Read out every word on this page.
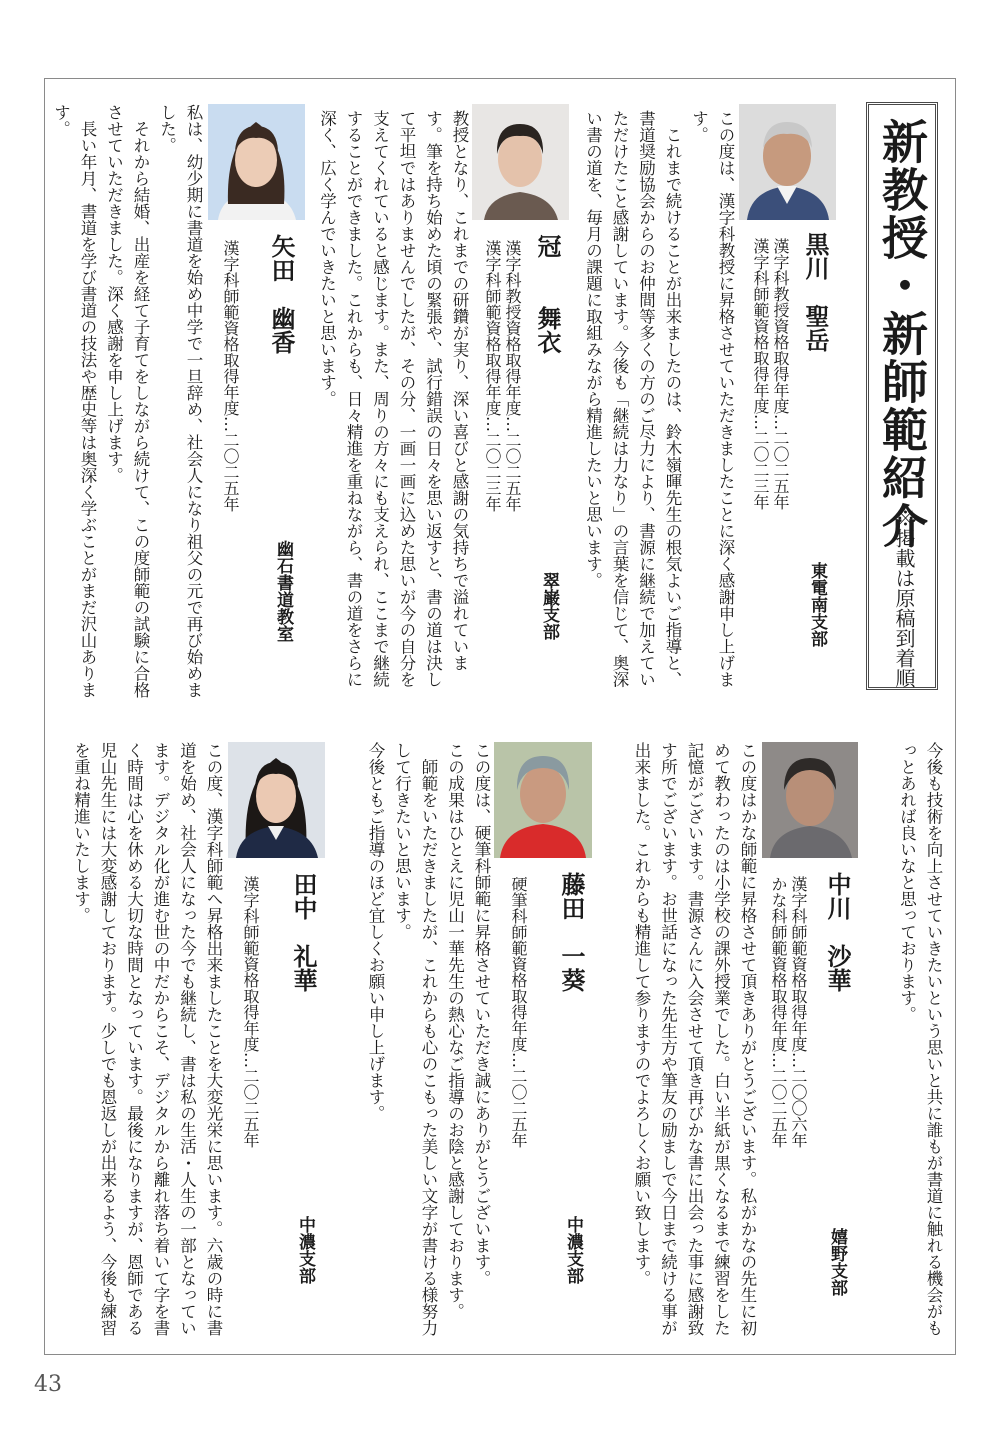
新教授・新師範紹介
※掲載は原稿到着順
黒川　聖岳
漢字科教授資格取得年度…二〇二五年
漢字科師範資格取得年度…二〇二三年
東電南支部
この度は、漢字科教授に昇格させていただきましたことに深く感謝申し上げます。
　これまで続けることが出来ましたのは、鈴木嶺暉先生の根気よいご指導と、書道奨励協会からのお仲間等多くの方のご尽力により、書源に継続で加えていただけたこと感謝しています。今後も「継続は力なり」の言葉を信じて、奥深い書の道を、毎月の課題に取組みながら精進したいと思います。
冠　　舞衣
漢字科教授資格取得年度…二〇二五年
漢字科師範資格取得年度…二〇二三年
翠巌支部
教授となり、これまでの研鑽が実り、深い喜びと感謝の気持ちで溢れています。筆を持ち始めた頃の緊張や、試行錯誤の日々を思い返すと、書の道は決して平坦ではありませんでしたが、その分、一画一画に込めた思いが今の自分を支えてくれていると感じます。また、周りの方々にも支えられ、ここまで継続することができました。これからも、日々精進を重ねながら、書の道をさらに深く、広く学んでいきたいと思います。
矢田　幽香
漢字科師範資格取得年度…二〇二五年
幽石書道教室
私は、幼少期に書道を始め中学で一旦辞め、社会人になり祖父の元で再び始めました。
　それから結婚、出産を経て子育てをしながら続けて、この度師範の試験に合格させていただきました。深く感謝を申し上げます。
　長い年月、書道を学び書道の技法や歴史等は奥深く学ぶことがまだ沢山あります。
中川　沙華
漢字科師範資格取得年度…二〇〇六年
かな科師範資格取得年度…二〇二五年
嬉野支部
この度はかな師範に昇格させて頂きありがとうございます。私がかなの先生に初めて教わったのは小学校の課外授業でした。白い半紙が黒くなるまで練習をした記憶がございます。書源さんに入会させて頂き再びかな書に出会った事に感謝致す所でございます。お世話になった先生方や筆友の励ましで今日まで続ける事が出来ました。これからも精進して参りますのでよろしくお願い致します。	今後も技術を向上させていきたいという思いと共に誰もが書道に触れる機会がもっとあれば良いなと思っております。
藤田　一葵
硬筆科師範資格取得年度…二〇二五年
中濃支部
この度は、硬筆科師範に昇格させていただき誠にありがとうございます。
この成果はひとえに児山一華先生の熱心なご指導のお陰と感謝しております。
　師範をいただきましたが、これからも心のこもった美しい文字が書ける様努力して行きたいと思います。
今後ともご指導のほど宜しくお願い申し上げます。
田中　礼華
漢字科師範資格取得年度…二〇二五年
中濃支部
この度、漢字科師範へ昇格出来ましたことを大変光栄に思います。六歳の時に書道を始め、社会人になった今でも継続し、書は私の生活・人生の一部となっています。デジタル化が進む世の中だからこそ、デジタルから離れ落ち着いて字を書く時間は心を休める大切な時間となっています。最後になりますが、恩師である児山先生には大変感謝しております。少しでも恩返しが出来るよう、今後も練習を重ね精進いたします。
43
